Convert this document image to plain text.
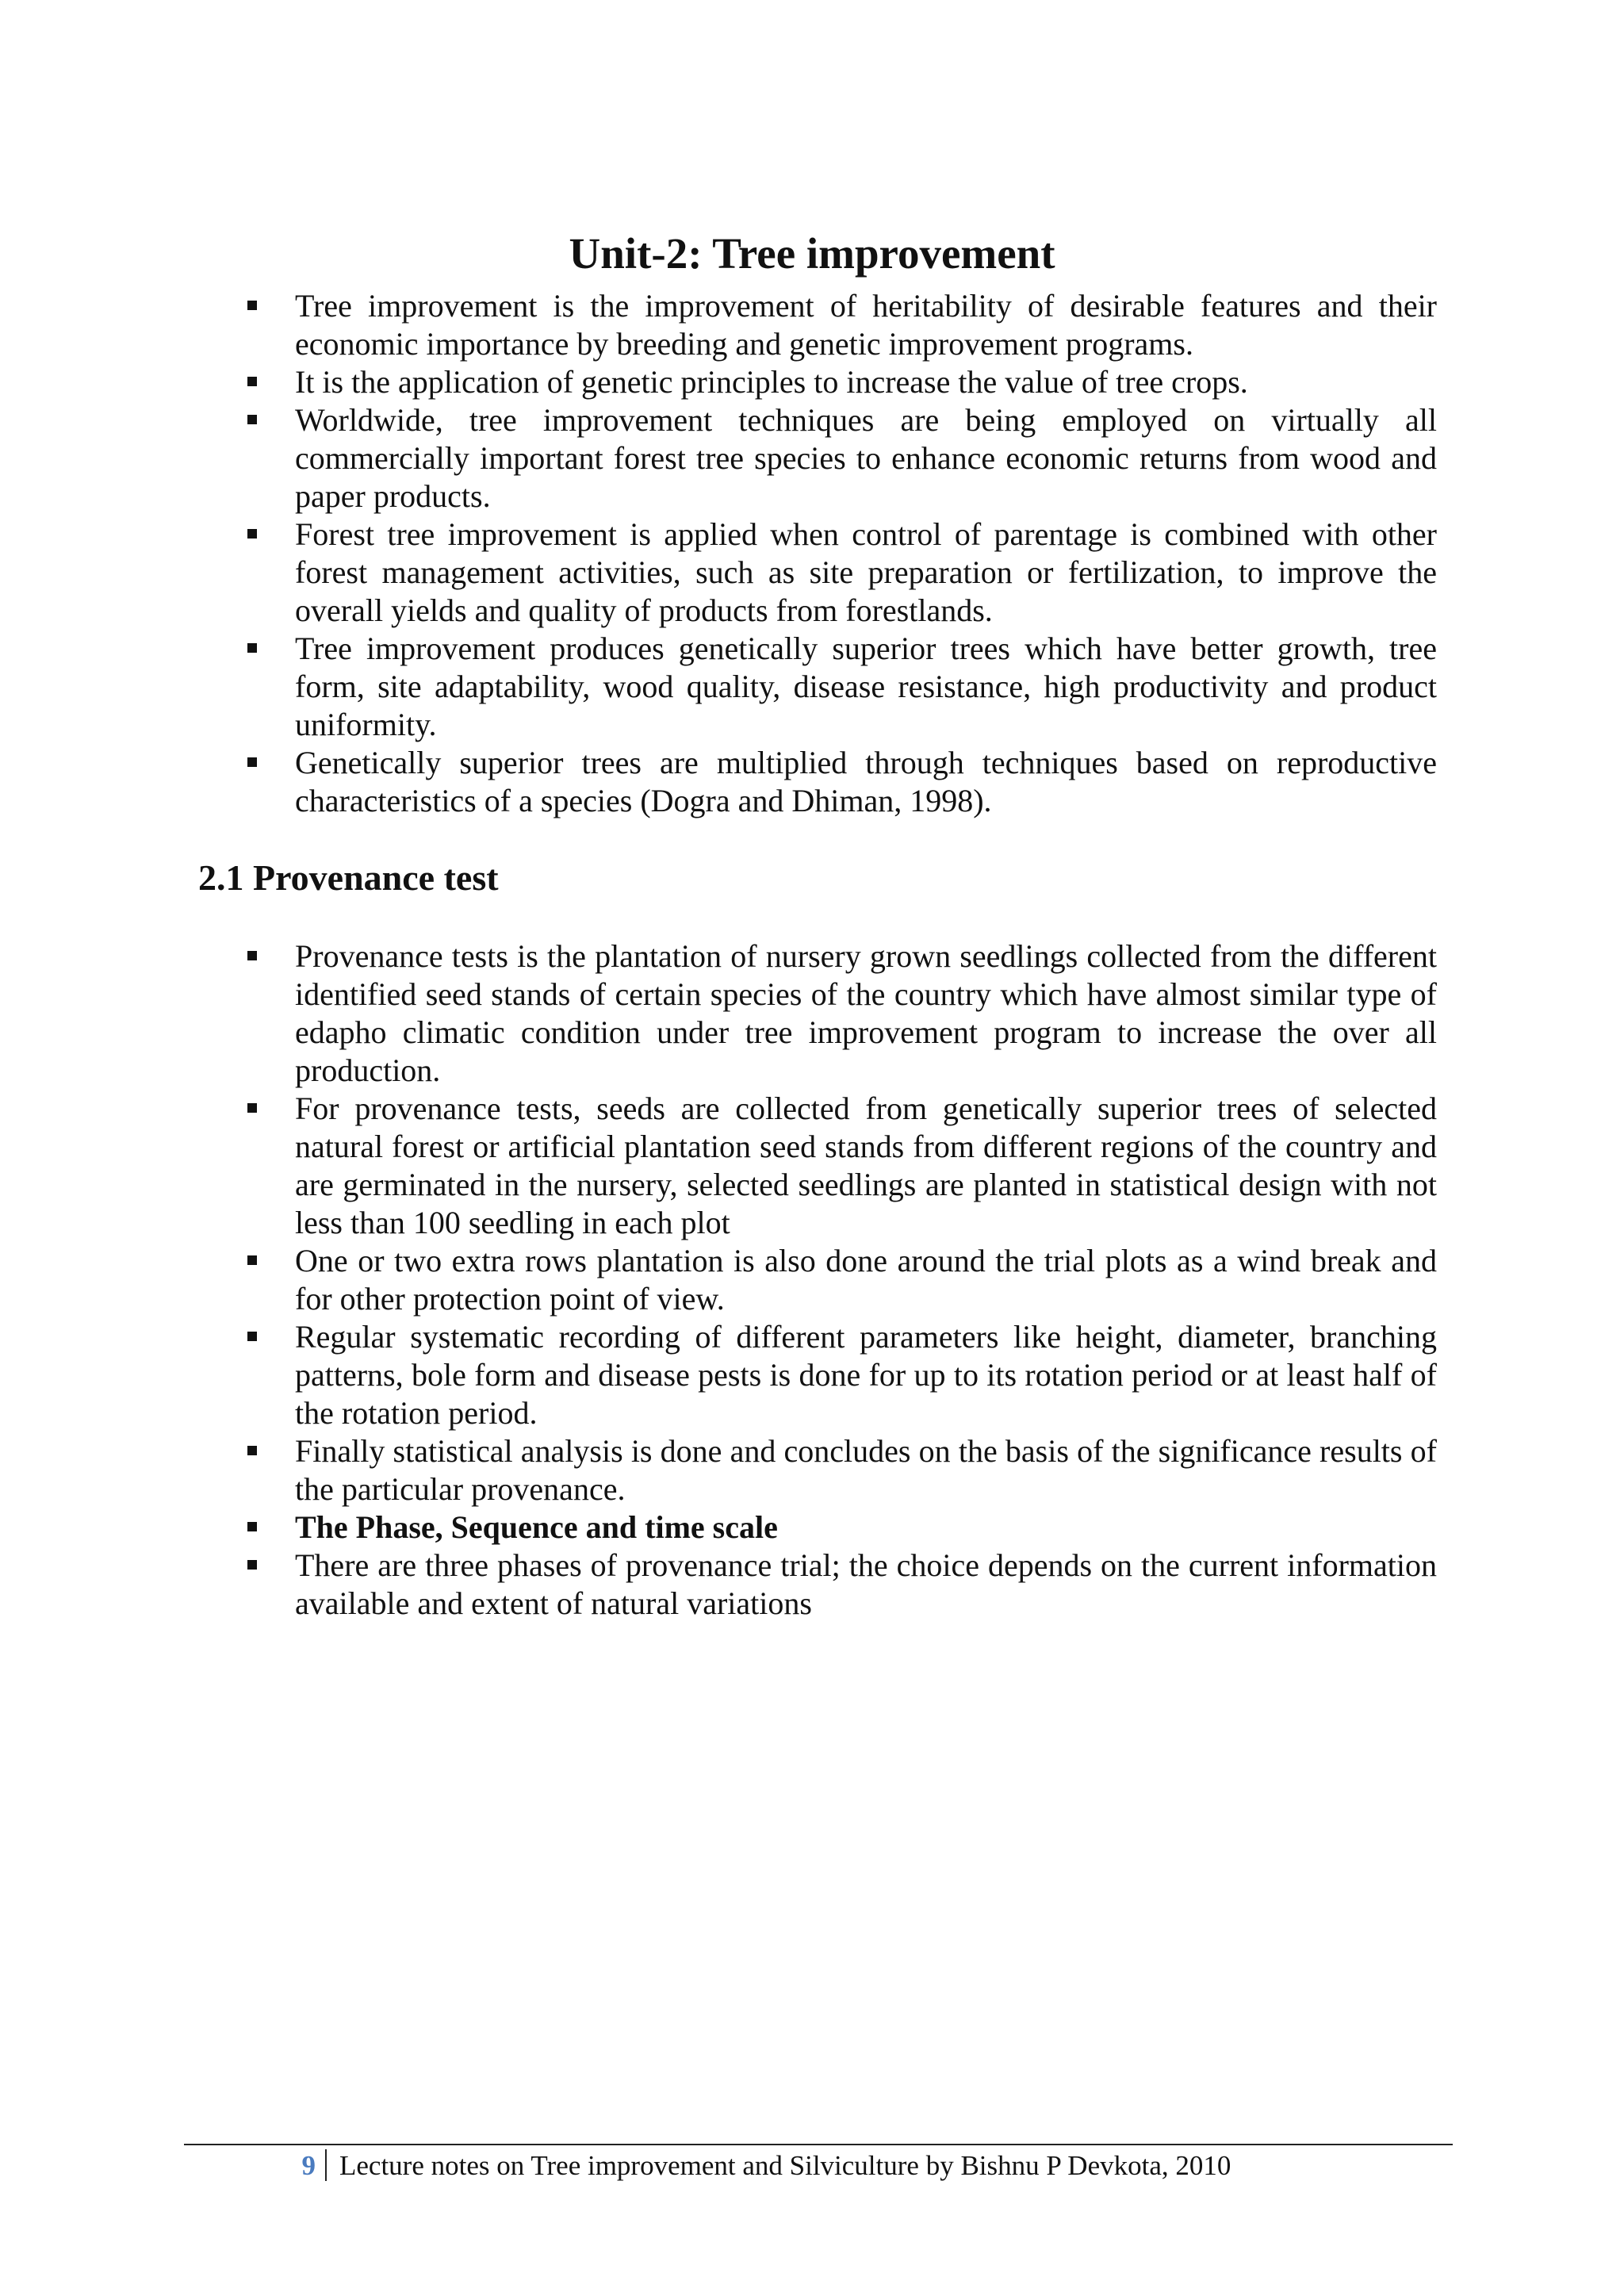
Unit-2: Tree improvement
Tree improvement is the improvement of heritability of desirable features and their economic importance by breeding and genetic improvement programs.
It is the application of genetic principles to increase the value of tree crops.
Worldwide, tree improvement techniques are being employed on virtually all commercially important forest tree species to enhance economic returns from wood and paper products.
Forest tree improvement is applied when control of parentage is combined with other forest management activities, such as site preparation or fertilization, to improve the overall yields and quality of products from forestlands.
Tree improvement produces genetically superior trees which have better growth, tree form, site adaptability, wood quality, disease resistance, high productivity and product uniformity.
Genetically superior trees are multiplied through techniques based on reproductive characteristics of a species (Dogra and Dhiman, 1998).
2.1 Provenance test
Provenance tests is the plantation of nursery grown seedlings collected from the different identified seed stands of certain species of the country which have almost similar type of edapho climatic condition under tree improvement program to increase the over all production.
For provenance tests, seeds are collected from genetically superior trees of selected natural forest or artificial plantation seed stands from different regions of the country and are germinated in the nursery, selected seedlings are planted in statistical design with not less than 100 seedling in each plot
One or two extra rows plantation is also done around the trial plots as a wind break and for other protection point of view.
Regular systematic recording of different parameters like height, diameter, branching patterns, bole form and disease pests is done for up to its rotation period or at least half of the rotation period.
Finally statistical analysis is done and concludes on the basis of the significance results of the particular provenance.
The Phase, Sequence and time scale
There are three phases of provenance trial; the choice depends on the current information available and extent of natural variations
9 Lecture notes on Tree improvement and Silviculture by Bishnu P Devkota, 2010
